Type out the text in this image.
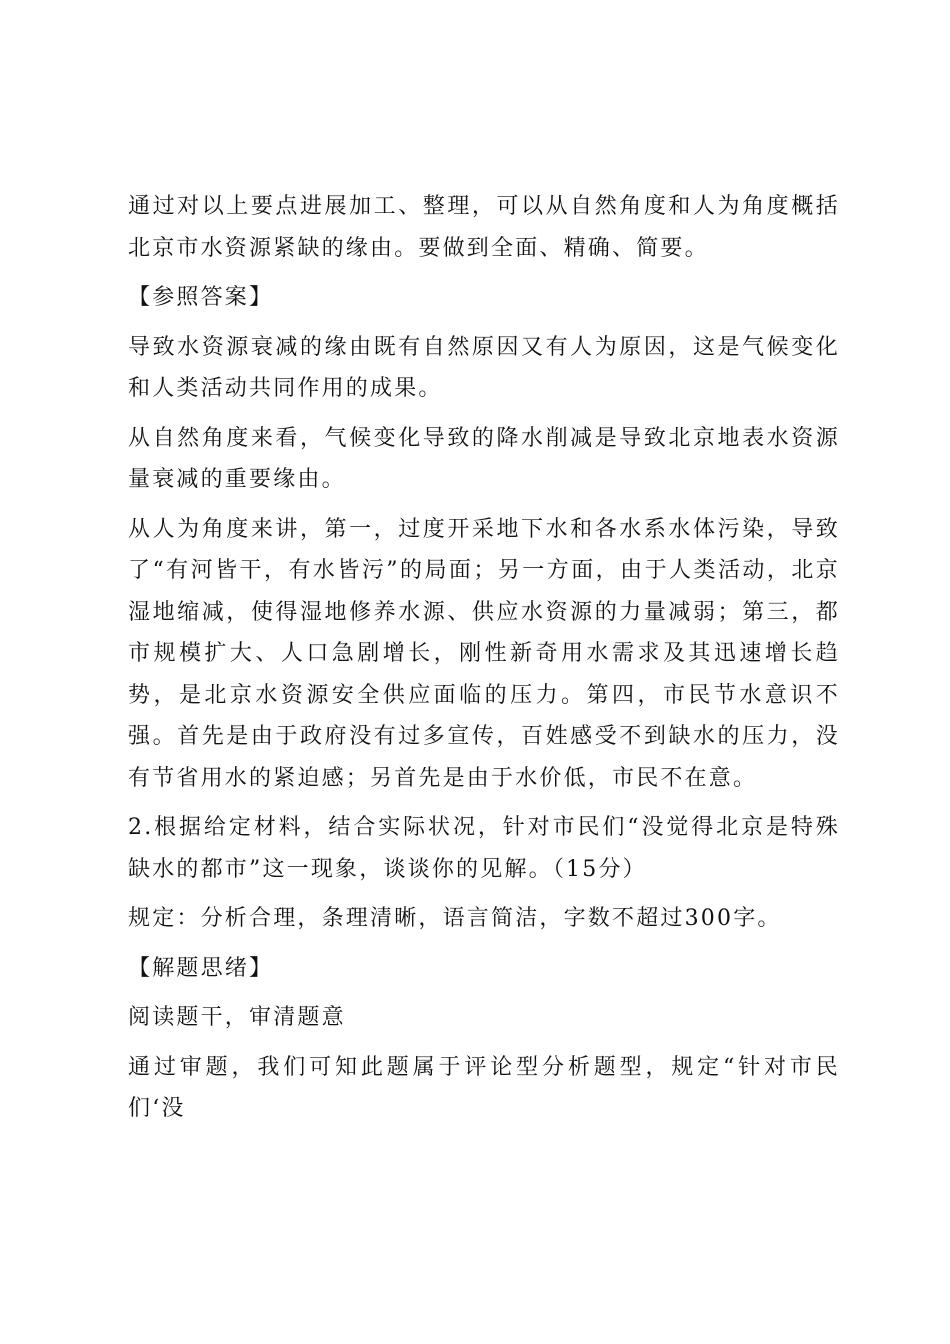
通过对以上要点进展加工、整理，可以从自然角度和人为角度概括北京市水资源紧缺的缘由。要做到全面、精确、简要。

【参照答案】

导致水资源衰减的缘由既有自然原因又有人为原因，这是气候变化和人类活动共同作用的成果。

从自然角度来看，气候变化导致的降水削减是导致北京地表水资源量衰减的重要缘由。

从人为角度来讲，第一，过度开采地下水和各水系水体污染，导致了“有河皆干，有水皆污”的局面；另一方面，由于人类活动，北京湿地缩减，使得湿地修养水源、供应水资源的力量减弱；第三，都市规模扩大、人口急剧增长，刚性新奇用水需求及其迅速增长趋势，是北京水资源安全供应面临的压力。第四，市民节水意识不强。首先是由于政府没有过多宣传，百姓感受不到缺水的压力，没有节省用水的紧迫感；另首先是由于水价低，市民不在意。

2.根据给定材料，结合实际状况，针对市民们“没觉得北京是特殊缺水的都市”这一现象，谈谈你的见解。（15分）

规定：分析合理，条理清晰，语言简洁，字数不超过300字。

【解题思绪】

阅读题干，审清题意

通过审题，我们可知此题属于评论型分析题型，规定“针对市民们‘没
